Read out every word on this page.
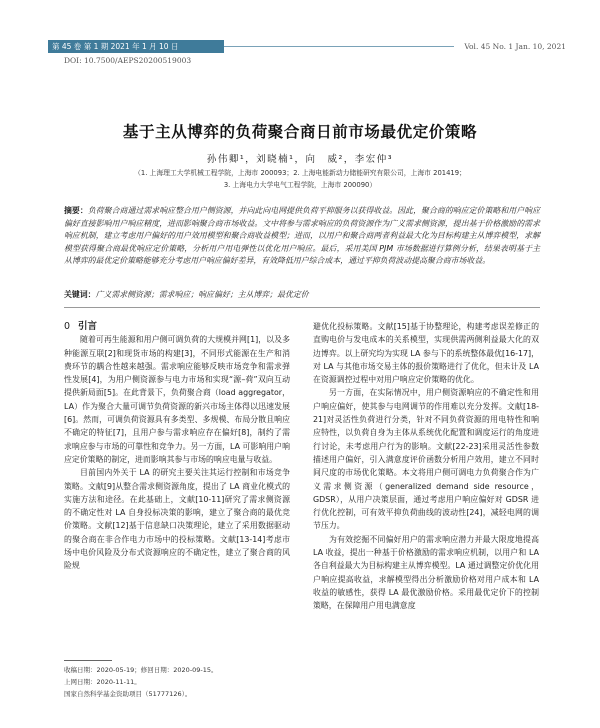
第 45 卷 第 1 期 2021 年 1 月 10 日	Vol. 45 No. 1 Jan. 10, 2021
DOI: 10.7500/AEPS20200519003
基于主从博弈的负荷聚合商日前市场最优定价策略
孙伟卿¹，刘晓楠¹，向　威²，李宏仲³
（1. 上海理工大学机械工程学院，上海市 200093；2. 上海电能新动力储能研究有限公司，上海市 201419；
3. 上海电力大学电气工程学院，上海市 200090）
摘要：负荷聚合商通过需求响应整合用户侧资源，并向此向电网提供负荷平抑服务以获得收益。因此，聚合商的响应定价策略和用户响应偏好直接影响用户响应精度，进而影响聚合商市场收益。文中将参与需求响应的负荷资源作为广义需求侧资源，提出基于价格激励的需求响应机制，建立考虑用户偏好的用户效用模型和聚合商收益模型；进而，以用户和聚合商两者利益最大化为目标构建主从博弈模型，求解模型获得聚合商最优响应定价策略，分析用户用电弹性以优化用户响应。最后，采用美国 PJM 市场数据进行算例分析，结果表明基于主从博弈的最优定价策略能够充分考虑用户响应偏好差异，有效降低用户综合成本，通过平抑负荷波动提高聚合商市场收益。
关键词：广义需求侧资源；需求响应；响应偏好；主从博弈；最优定价

0 引言

随着可再生能源和用户侧可调负荷的大规模并网[1]，以及多种能源互联[2]和现货市场的构建[3]，不同形式能源在生产和消费环节的耦合性越来越强。需求响应能够反映市场竞争和需求弹性发展[4]，为用户侧资源参与电力市场和实现“源–荷”双向互动提供新局面[5]。在此背景下，负荷聚合商（load aggregator，LA）作为聚合大量可调节负荷资源的新兴市场主体得以迅速发展[6]。然而，可调负荷资源具有多类型、多规模、布局分散且响应不确定的特征[7]，且用户参与需求响应存在偏好[8]，制约了需求响应参与市场的可靠性和竞争力。另一方面，LA 可影响用户响应定价策略的制定，进而影响其参与市场的响应电量与收益。

目前国内外关于 LA 的研究主要关注其运行控制和市场竞争策略。文献[9]从整合需求侧资源角度，提出了 LA 商业化模式的实施方法和途径。在此基础上，文献[10-11]研究了需求侧资源的不确定性对 LA 自身投标决策的影响，建立了聚合商的最优竞价策略。文献[12]基于信息缺口决策理论，建立了采用数据驱动的聚合商在非合作电力市场中的投标策略。文献[13-14]考虑市场中电价风险及分布式资源响应的不确定性，建立了聚合商的风险规

避优化投标策略。文献[15]基于协整理论，构建考虑误差修正的直购电价与发电成本的关系模型，实现供需两侧利益最大化的双边博弈。以上研究均为实现 LA 参与下的系统整体最优[16-17]，对 LA 与其他市场交易主体的报价策略进行了优化，但未计及 LA 在资源调控过程中对用户响应定价策略的优化。

另一方面，在实际情况中，用户侧资源响应的不确定性和用户响应偏好，使其参与电网调节的作用难以充分发挥。文献[18-21]对灵活性负荷进行分类，针对不同负荷资源的用电特性和响应特性，以负荷自身为主体从系统优化配置和调度运行的角度进行讨论，未考虑用户行为的影响。文献[22-23]采用灵活性参数描述用户偏好，引入满意度评价函数分析用户效用，建立不同时间尺度的市场优化策略。本文将用户侧可调电力负荷聚合作为广义需求侧资源（generalized demand side resource，GDSR），从用户决策层面，通过考虑用户响应偏好对 GDSR 进行优化控制，可有效平抑负荷曲线的波动性[24]，减轻电网的调节压力。

为有效挖掘不同偏好用户的需求响应潜力并最大限度地提高 LA 收益，提出一种基于价格激励的需求响应机制，以用户和 LA 各自利益最大为目标构建主从博弈模型。LA 通过调整定价优化用户响应提高收益，求解模型得出分析激励价格对用户成本和 LA 收益的敏感性，获得 LA 最优激励价格。采用最优定价下的控制策略，在保障用户用电满意度

收稿日期：2020-05-19；修回日期：2020-09-15。
上网日期：2020-11-11。
国家自然科学基金资助项目（51777126）。
